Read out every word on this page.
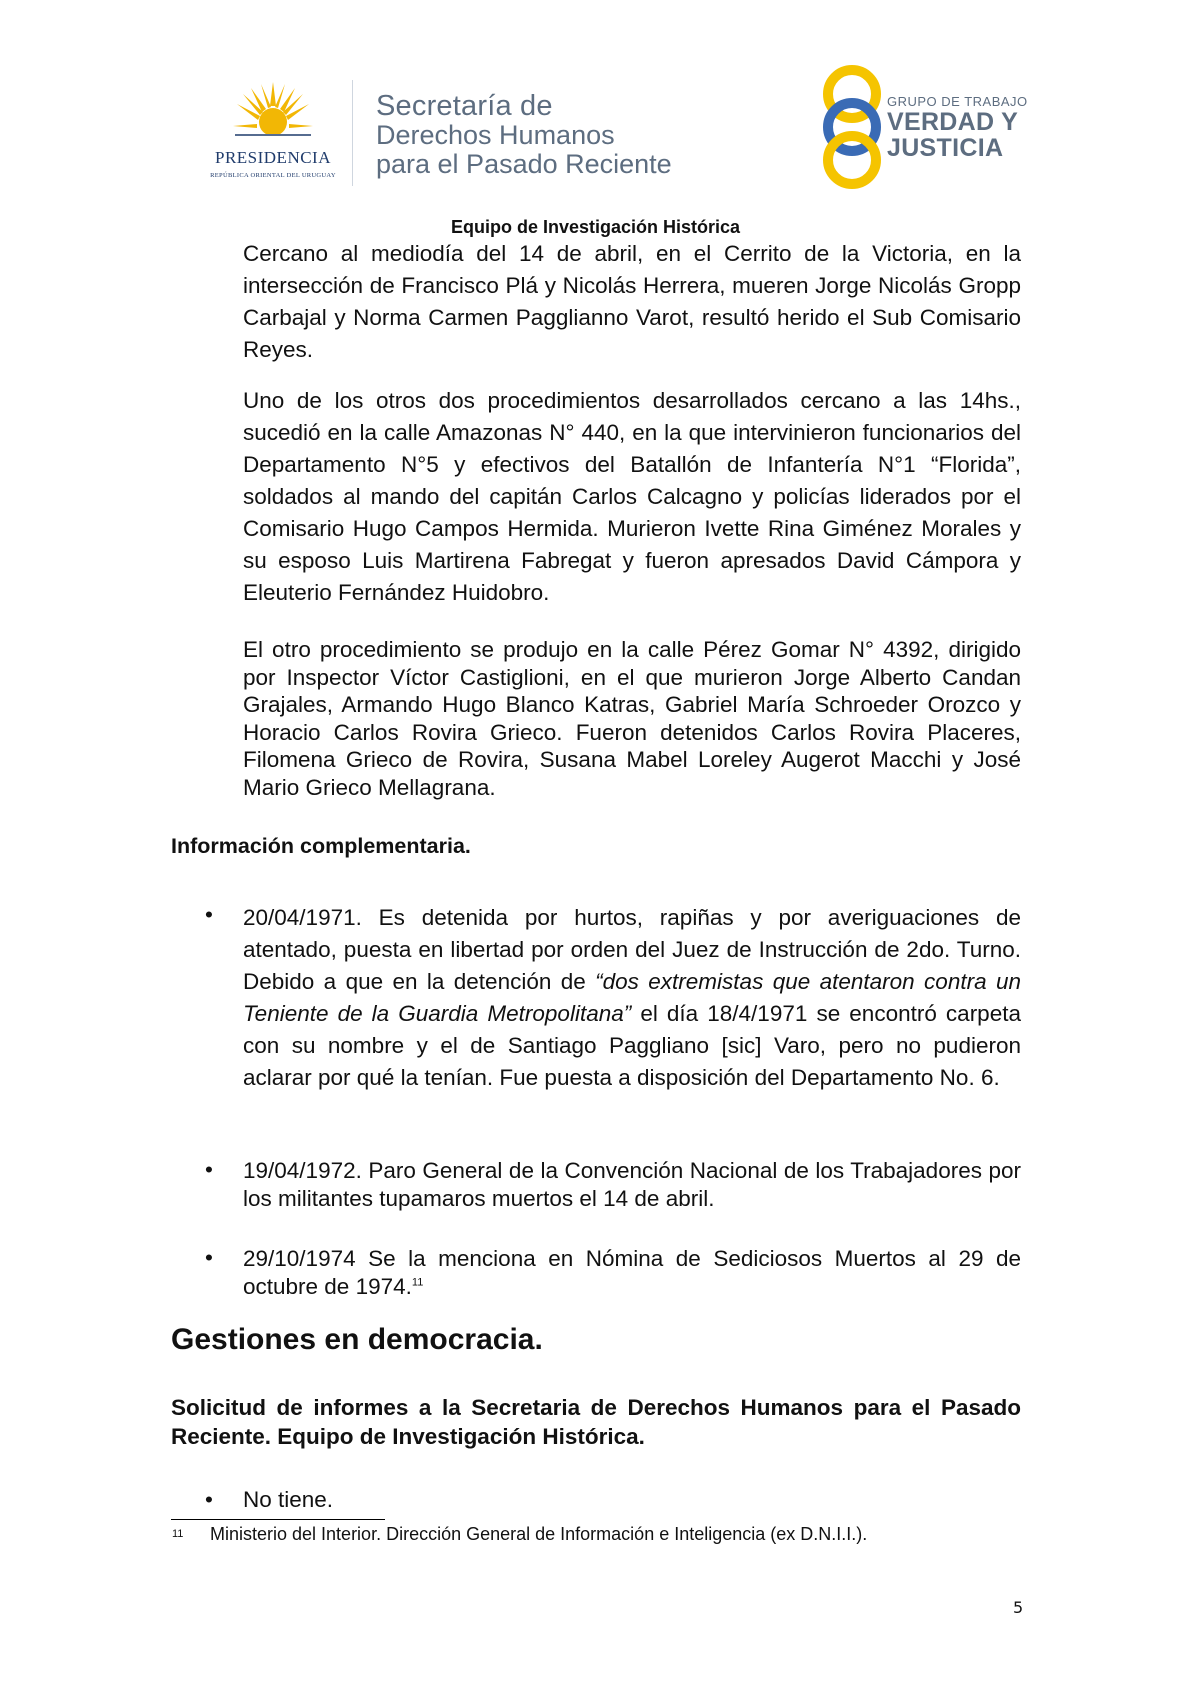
PRESIDENCIA
REPÚBLICA ORIENTAL DEL URUGUAY
Secretaría de
Derechos Humanos
para el Pasado Reciente
GRUPO DE TRABAJO
VERDAD Y
JUSTICIA
Equipo de Investigación Histórica
Cercano al mediodía del 14 de abril, en el Cerrito de la Victoria, en la intersección de Francisco Plá y Nicolás Herrera, mueren Jorge Nicolás Gropp Carbajal y Norma Carmen Pagglianno Varot, resultó herido el Sub Comisario Reyes.
Uno de los otros dos procedimientos desarrollados cercano a las 14hs., sucedió en la calle Amazonas N° 440, en la que intervinieron funcionarios del Departamento N°5 y efectivos del Batallón de Infantería N°1 “Florida”, soldados al mando del capitán Carlos Calcagno y policías liderados por el Comisario Hugo Campos Hermida. Murieron Ivette Rina Giménez Morales y su esposo Luis Martirena Fabregat y fueron apresados David Cámpora y Eleuterio Fernández Huidobro.
El otro procedimiento se produjo en la calle Pérez Gomar N° 4392, dirigido por Inspector Víctor Castiglioni, en el que murieron Jorge Alberto Candan Grajales, Armando Hugo Blanco Katras, Gabriel María Schroeder Orozco y Horacio Carlos Rovira Grieco. Fueron detenidos Carlos Rovira Placeres, Filomena Grieco de Rovira, Susana Mabel Loreley Augerot Macchi y José Mario Grieco Mellagrana.
Información complementaria.
• 20/04/1971. Es detenida por hurtos, rapiñas y por averiguaciones de atentado, puesta en libertad por orden del Juez de Instrucción de 2do. Turno. Debido a que en la detención de “dos extremistas que atentaron contra un Teniente de la Guardia Metropolitana” el día 18/4/1971 se encontró carpeta con su nombre y el de Santiago Paggliano [sic] Varo, pero no pudieron aclarar por qué la tenían. Fue puesta a disposición del Departamento No. 6.
• 19/04/1972. Paro General de la Convención Nacional de los Trabajadores por los militantes tupamaros muertos el 14 de abril.
• 29/10/1974 Se la menciona en Nómina de Sediciosos Muertos al 29 de octubre de 1974.11
Gestiones en democracia.
Solicitud de informes a la Secretaria de Derechos Humanos para el Pasado Reciente. Equipo de Investigación Histórica.
• No tiene.
11 Ministerio del Interior. Dirección General de Información e Inteligencia (ex D.N.I.I.).
5
